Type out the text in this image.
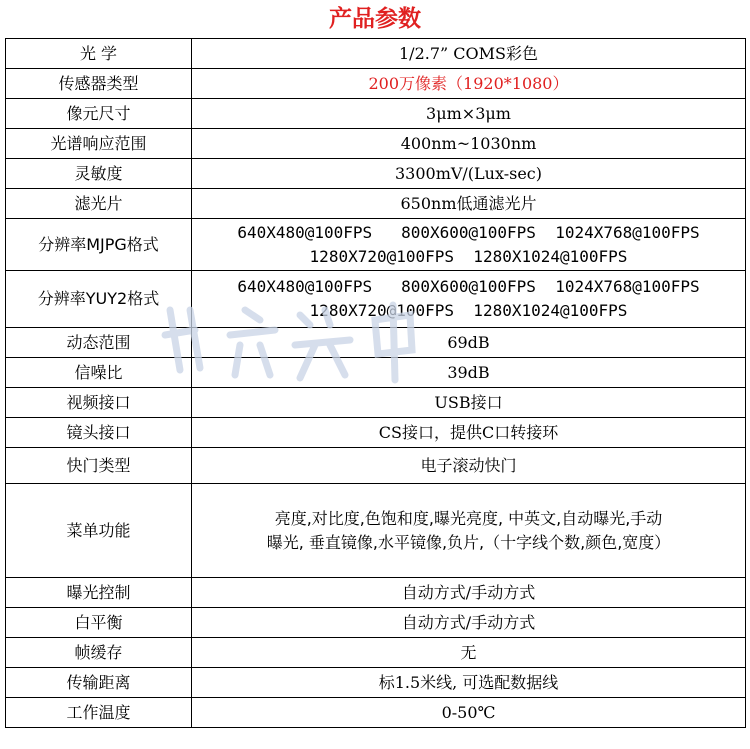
产品参数
光 学	1/2.7” COMS彩色
传感器类型	200万像素（1920*1080）
像元尺寸	3μm×3μm
光谱响应范围	400nm~1030nm
灵敏度	3300mV/(Lux-sec)
滤光片	650nm低通滤光片
分辨率MJPG格式	640X480@100FPS   800X600@100FPS  1024X768@100FPS
1280X720@100FPS  1280X1024@100FPS

分辨率YUY2格式	640X480@100FPS   800X600@100FPS  1024X768@100FPS
1280X720@100FPS  1280X1024@100FPS

动态范围	69dB
信噪比	39dB
视频接口	USB接口
镜头接口	CS接口，提供C口转接环
快门类型	电子滚动快门
菜单功能	亮度,对比度,色饱和度,曝光亮度, 中英文,自动曝光,手动
曝光, 垂直镜像,水平镜像,负片,（十字线个数,颜色,宽度）

曝光控制	自动方式/手动方式
白平衡	自动方式/手动方式
帧缓存	无
传输距离	标1.5米线, 可选配数据线
工作温度	0-50℃
